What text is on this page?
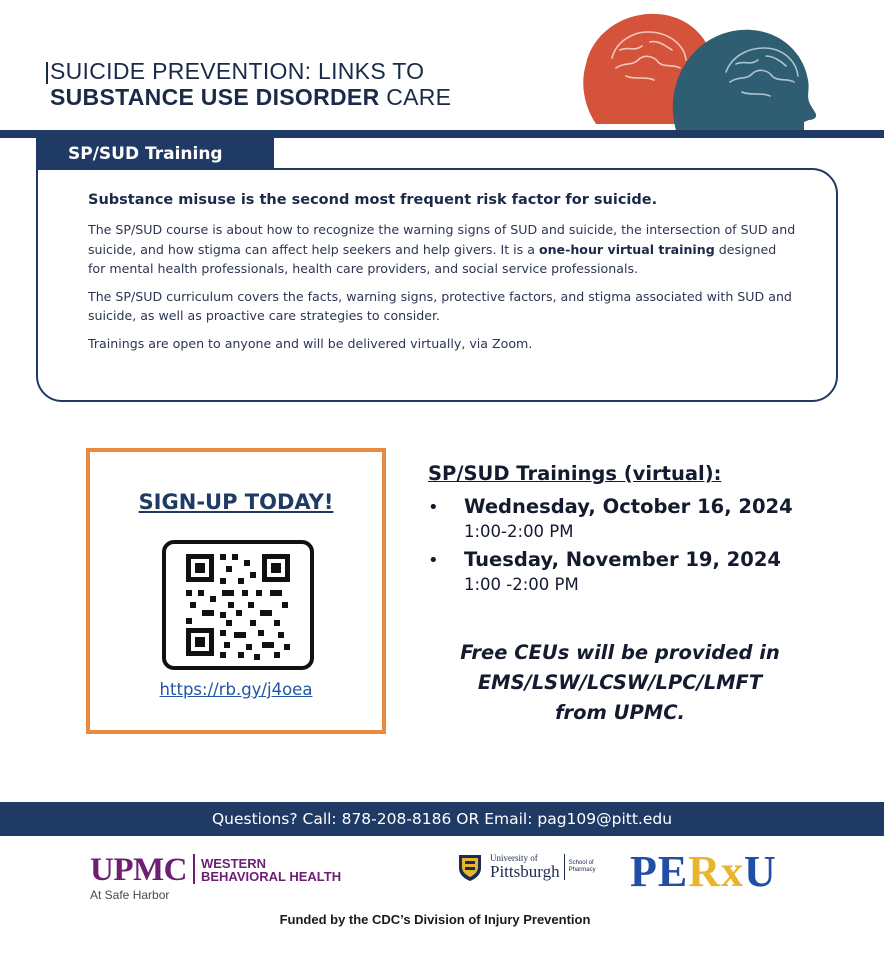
SUICIDE PREVENTION: LINKS TO
SUBSTANCE USE DISORDER CARE
SP/SUD Training
Substance misuse is the second most frequent risk factor for suicide.

The SP/SUD course is about how to recognize the warning signs of SUD and suicide, the intersection of SUD and suicide, and how stigma can affect help seekers and help givers. It is a one-hour virtual training designed for mental health professionals, health care providers, and social service professionals.

The SP/SUD curriculum covers the facts, warning signs, protective factors, and stigma associated with SUD and suicide, as well as proactive care strategies to consider.

Trainings are open to anyone and will be delivered virtually, via Zoom.

SIGN-UP TODAY!
https://rb.gy/j4oea
SP/SUD Trainings (virtual):
• Wednesday, October 16, 2024
1:00-2:00 PM
• Tuesday, November 19, 2024
1:00 -2:00 PM
Free CEUs will be provided in
EMS/LSW/LCSW/LPC/LMFT
from UPMC.
Questions? Call: 878-208-8186 OR Email: pag109@pitt.edu
UPMC WESTERN
BEHAVIORAL HEALTH
At Safe Harbor
University of
Pittsburgh School of
Pharmacy PERxU
Funded by the CDC’s Division of Injury Prevention
